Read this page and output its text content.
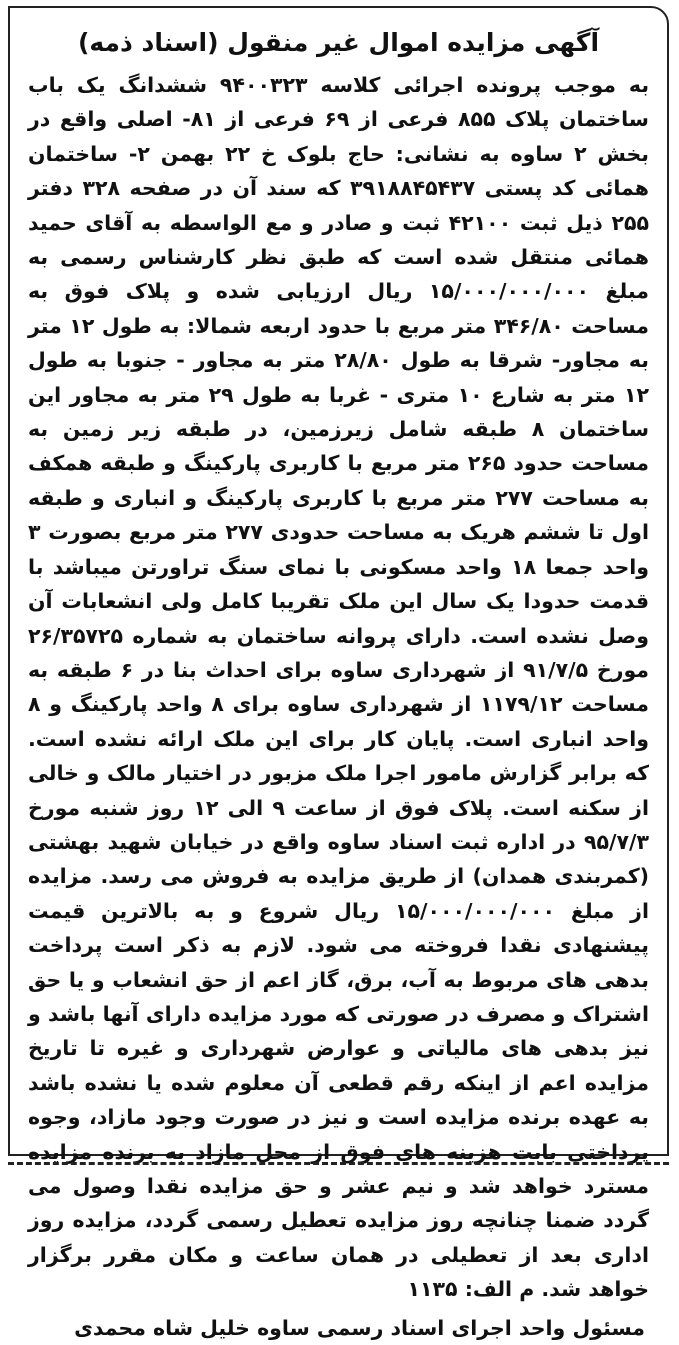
آگهی مزایده اموال غیر منقول (اسناد ذمه)

به موجب پرونده اجرائی کلاسه ۹۴۰۰۳۲۳ ششدانگ یک باب ساختمان پلاک ۸۵۵ فرعی از ۶۹ فرعی از ۸۱- اصلی واقع در بخش ۲ ساوه به نشانی: حاج بلوک خ ۲۲ بهمن ۲- ساختمان همائی کد پستی ۳۹۱۸۸۴۵۴۳۷ که سند آن در صفحه ۳۲۸ دفتر ۲۵۵ ذیل ثبت ۴۲۱۰۰ ثبت و صادر و مع الواسطه به آقای حمید همائی منتقل شده است که طبق نظر کارشناس رسمی به مبلغ ۱۵/۰۰۰/۰۰۰/۰۰۰ ریال ارزیابی شده و پلاک فوق به مساحت ۳۴۶/۸۰ متر مربع با حدود اربعه شمالا: به طول ۱۲ متر به مجاور- شرقا به طول ۲۸/۸۰ متر به مجاور - جنوبا به طول ۱۲ متر به شارع ۱۰ متری - غربا به طول ۲۹ متر به مجاور این ساختمان ۸ طبقه شامل زیرزمین، در طبقه زیر زمین به مساحت حدود ۲۶۵ متر مربع با کاربری پارکینگ و طبقه همکف به مساحت ۲۷۷ متر مربع با کاربری پارکینگ و انباری و طبقه اول تا ششم هریک به مساحت حدودی ۲۷۷ متر مربع بصورت ۳ واحد جمعا ۱۸ واحد مسکونی با نمای سنگ تراورتن میباشد با قدمت حدودا یک سال این ملک تقریبا کامل ولی انشعابات آن وصل نشده است. دارای پروانه ساختمان به شماره ۲۶/۳۵۷۲۵ مورخ ۹۱/۷/۵ از شهرداری ساوه برای احداث بنا در ۶ طبقه به مساحت ۱۱۷۹/۱۲ از شهرداری ساوه برای ۸ واحد پارکینگ و ۸ واحد انباری است. پایان کار برای این ملک ارائه نشده است. که برابر گزارش مامور اجرا ملک مزبور در اختیار مالک و خالی از سکنه است. پلاک فوق از ساعت ۹ الی ۱۲ روز شنبه مورخ ۹۵/۷/۳ در اداره ثبت اسناد ساوه واقع در خیابان شهید بهشتی (کمربندی همدان) از طریق مزایده به فروش می رسد. مزایده از مبلغ ۱۵/۰۰۰/۰۰۰/۰۰۰ ریال شروع و به بالاترین قیمت پیشنهادی نقدا فروخته می شود. لازم به ذکر است پرداخت بدهی های مربوط به آب، برق، گاز اعم از حق انشعاب و یا حق اشتراک و مصرف در صورتی که مورد مزایده دارای آنها باشد و نیز بدهی های مالیاتی و عوارض شهرداری و غیره تا تاریخ مزایده اعم از اینکه رقم قطعی آن معلوم شده یا نشده باشد به عهده برنده مزایده است و نیز در صورت وجود مازاد، وجوه پرداختی بابت هزینه های فوق از محل مازاد به برنده مزایده مسترد خواهد شد و نیم عشر و حق مزایده نقدا وصول می گردد ضمنا چنانچه روز مزایده تعطیل رسمی گردد، مزایده روز اداری بعد از تعطیلی در همان ساعت و مکان مقرر برگزار خواهد شد. م الف: ۱۱۳۵

مسئول واحد اجرای اسناد رسمی ساوه خلیل شاه محمدی
